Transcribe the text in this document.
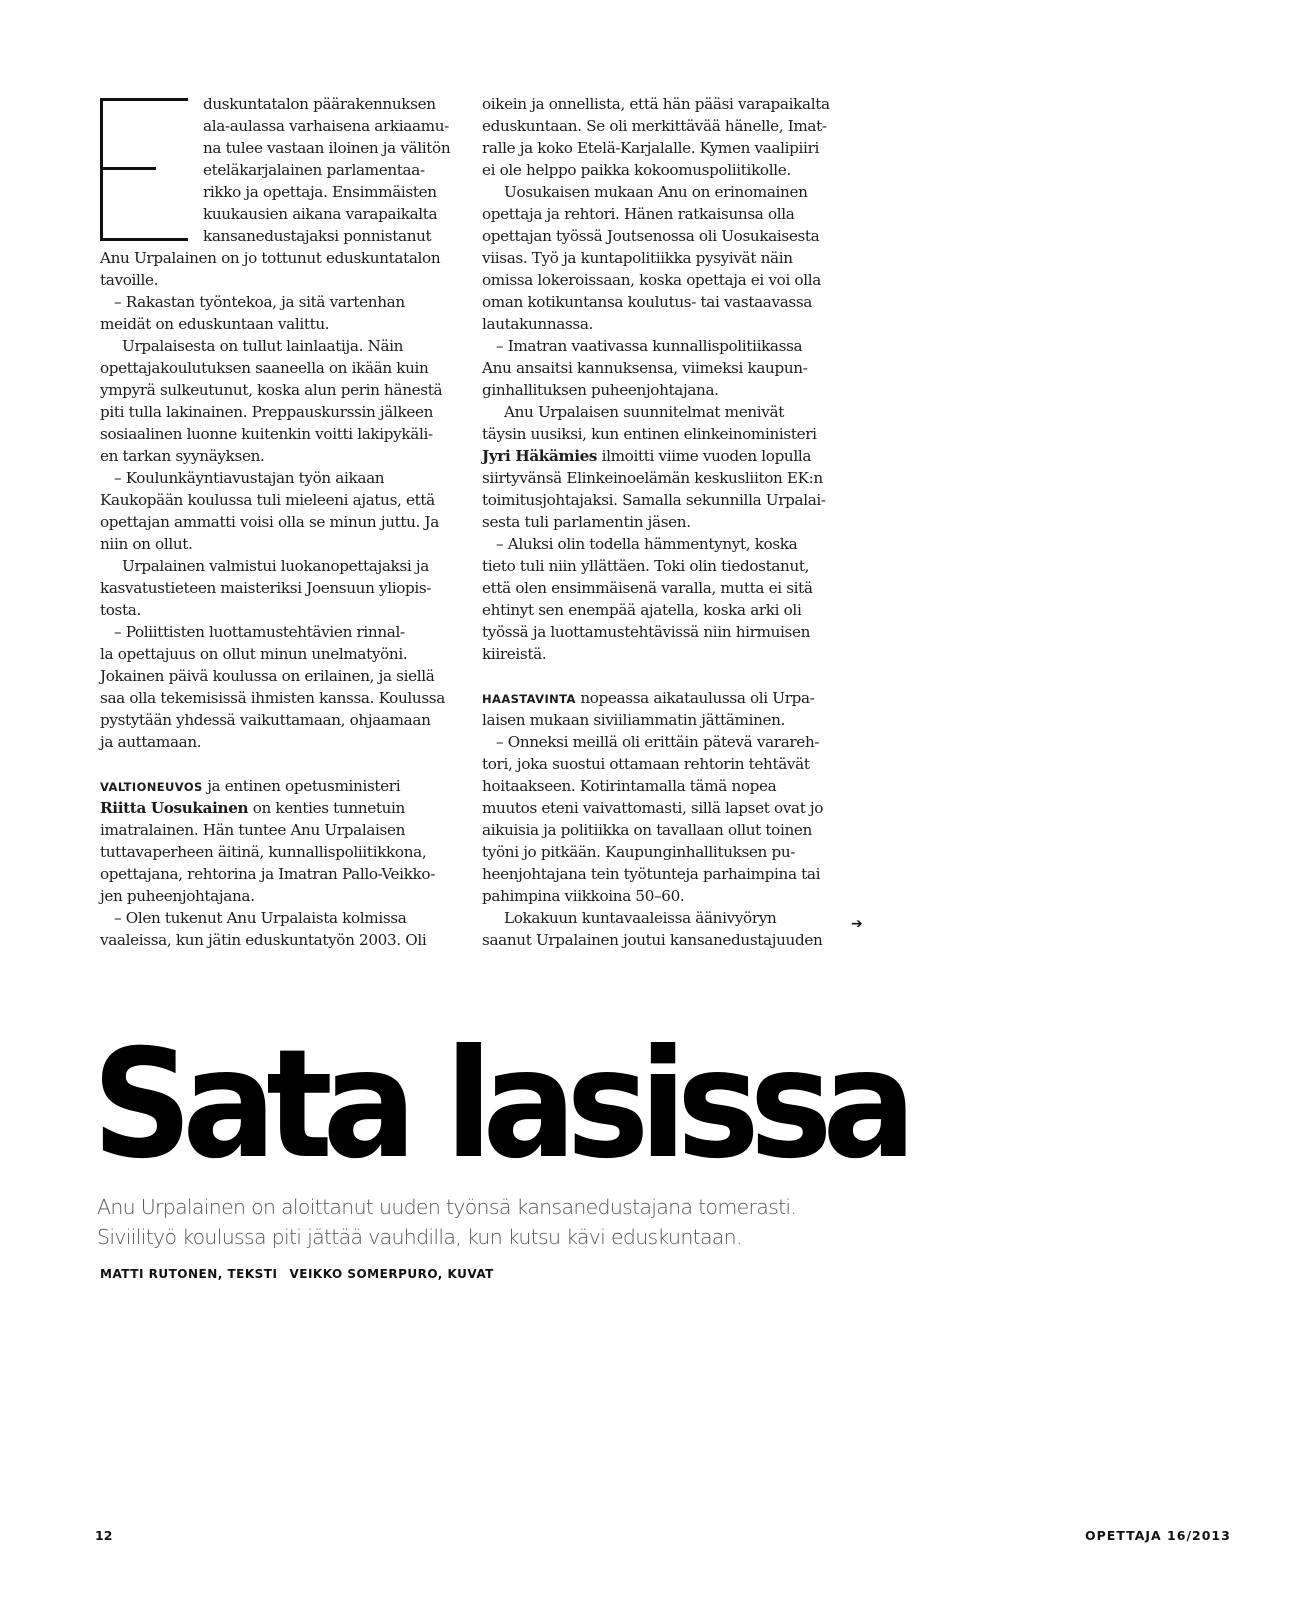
duskuntatalon päärakennuksen
ala-aulassa varhaisena arkiaamu-
na tulee vastaan iloinen ja välitön
eteläkarjalainen parlamentaa-
rikko ja opettaja. Ensimmäisten
kuukausien aikana varapaikalta
kansanedustajaksi ponnistanut
Anu Urpalainen on jo tottunut eduskuntatalon
tavoille.
– Rakastan työntekoa, ja sitä vartenhan
meidät on eduskuntaan valittu.
Urpalaisesta on tullut lainlaatija. Näin
opettajakoulutuksen saaneella on ikään kuin
ympyrä sulkeutunut, koska alun perin hänestä
piti tulla lakinainen. Preppauskurssin jälkeen
sosiaalinen luonne kuitenkin voitti lakipykäli-
en tarkan syynäyksen.
– Koulunkäyntiavustajan työn aikaan
Kaukopään koulussa tuli mieleeni ajatus, että
opettajan ammatti voisi olla se minun juttu. Ja
niin on ollut.
Urpalainen valmistui luokanopettajaksi ja
kasvatustieteen maisteriksi Joensuun yliopis-
tosta.
– Poliittisten luottamustehtävien rinnal-
la opettajuus on ollut minun unelmatyöni.
Jokainen päivä koulussa on erilainen, ja siellä
saa olla tekemisissä ihmisten kanssa. Koulussa
pystytään yhdessä vaikuttamaan, ohjaamaan
ja auttamaan.
VALTIONEUVOS ja entinen opetusministeri
Riitta Uosukainen on kenties tunnetuin
imatralainen. Hän tuntee Anu Urpalaisen
tuttavaperheen äitinä, kunnallispoliitikkona,
opettajana, rehtorina ja Imatran Pallo-Veikko-
jen puheenjohtajana.
– Olen tukenut Anu Urpalaista kolmissa
vaaleissa, kun jätin eduskuntatyön 2003. Oli
oikein ja onnellista, että hän pääsi varapaikalta
eduskuntaan. Se oli merkittävää hänelle, Imat-
ralle ja koko Etelä-Karjalalle. Kymen vaalipiiri
ei ole helppo paikka kokoomuspoliitikolle.
Uosukaisen mukaan Anu on erinomainen
opettaja ja rehtori. Hänen ratkaisunsa olla
opettajan työssä Joutsenossa oli Uosukaisesta
viisas. Työ ja kuntapolitiikka pysyivät näin
omissa lokeroissaan, koska opettaja ei voi olla
oman kotikuntansa koulutus- tai vastaavassa
lautakunnassa.
– Imatran vaativassa kunnallispolitiikassa
Anu ansaitsi kannuksensa, viimeksi kaupun-
ginhallituksen puheenjohtajana.
Anu Urpalaisen suunnitelmat menivät
täysin uusiksi, kun entinen elinkeinoministeri
Jyri Häkämies ilmoitti viime vuoden lopulla
siirtyvänsä Elinkeinoelämän keskusliiton EK:n
toimitusjohtajaksi. Samalla sekunnilla Urpalai-
sesta tuli parlamentin jäsen.
– Aluksi olin todella hämmentynyt, koska
tieto tuli niin yllättäen. Toki olin tiedostanut,
että olen ensimmäisenä varalla, mutta ei sitä
ehtinyt sen enempää ajatella, koska arki oli
työssä ja luottamustehtävissä niin hirmuisen
kiireistä.
HAASTAVINTA nopeassa aikataulussa oli Urpa-
laisen mukaan siviiliammatin jättäminen.
– Onneksi meillä oli erittäin pätevä varareh-
tori, joka suostui ottamaan rehtorin tehtävät
hoitaakseen. Kotirintamalla tämä nopea
muutos eteni vaivattomasti, sillä lapset ovat jo
aikuisia ja politiikka on tavallaan ollut toinen
työni jo pitkään. Kaupunginhallituksen pu-
heenjohtajana tein työtunteja parhaimpina tai
pahimpina viikkoina 50–60.
Lokakuun kuntavaaleissa äänivyöryn
saanut Urpalainen joutui kansanedustajuuden
➔
Sata lasissa
Anu Urpalainen on aloittanut uuden työnsä kansanedustajana tomerasti.
Siviilityö koulussa piti jättää vauhdilla, kun kutsu kävi eduskuntaan.
MATTI RUTONEN, TEKSTI VEIKKO SOMERPURO, KUVAT
12	OPETTAJA 16/2013
